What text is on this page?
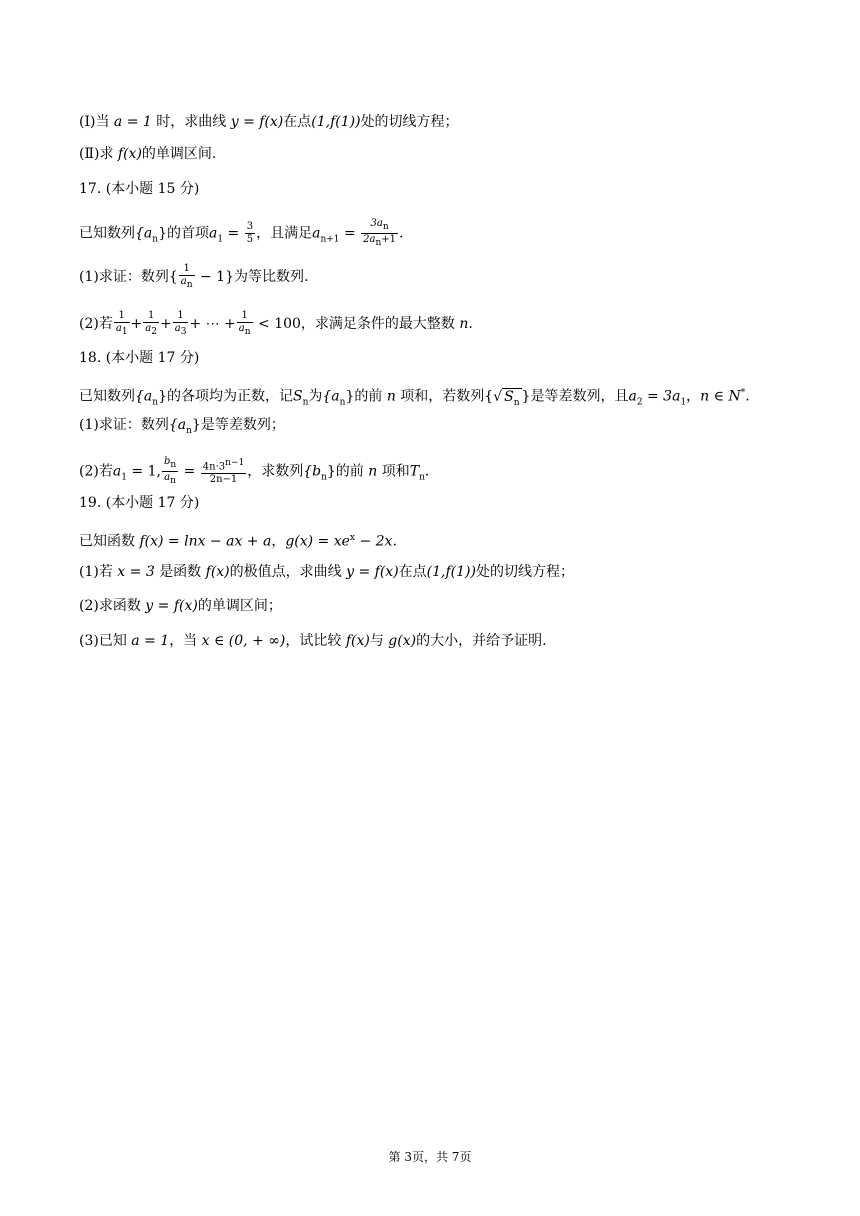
(Ⅰ)当 a = 1 时，求曲线 y = f(x)在点(1,f(1))处的切线方程；
(Ⅱ)求 f(x)的单调区间.
17. (本小题 15 分)
已知数列$\{a_n\}$的首项$a_1 = \frac{3}{5}$ ，且满足$a_{n+1} = \frac{3a_n}{2a_n+1}$ .
(1)求证：数列{ $\frac{1}{a_n} - 1$}为等比数列.
(2)若 $\frac{1}{a_1} + \frac{1}{a_2} + \frac{1}{a_3}$ + ⋯ + $\frac{1}{a_n} < 100$，求满足条件的最大整数 n.
18. (本小题 17 分)
已知数列$\{a_n\}$的各项均为正数，记$S_n$为$\{a_n\}$的前 n 项和，若数列{√ $S_n$ }是等差数列，且$a_2 = 3a_1$，n ∈ N*.
(1)求证：数列$\{a_n\}$是等差数列；
(2)若$a_1 = 1$, $\frac{b_n}{a_n} = \frac{4n\cdot 3^{n-1}}{2n-1}$ ，求数列$\{b_n\}$的前 n 项和$T_n$.
19. (本小题 17 分)
已知函数 f(x) = lnx − ax + a，$g(x) = xe^x - 2x$.
(1)若 x = 3 是函数 f(x)的极值点，求曲线 y = f(x)在点(1,f(1))处的切线方程；
(2)求函数 y = f(x)的单调区间；
(3)已知 a = 1，当 x ∈ (0, + ∞)，试比较 f(x)与 g(x)的大小，并给予证明.
第 3页，共 7页
